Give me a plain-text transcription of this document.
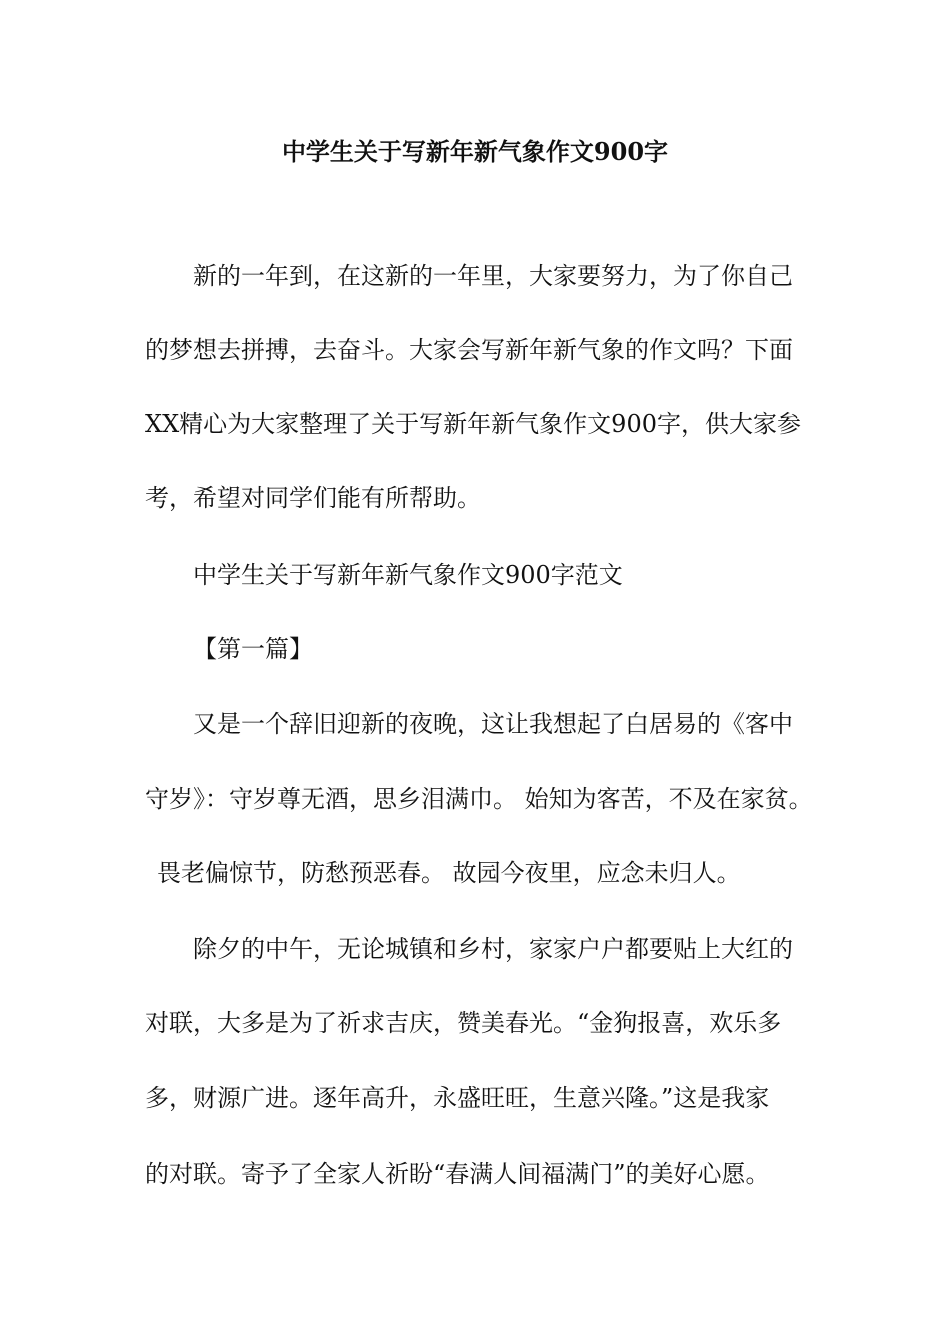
中学生关于写新年新气象作文900字
新的一年到，在这新的一年里，大家要努力，为了你自己
的梦想去拼搏，去奋斗。大家会写新年新气象的作文吗？下面
XX精心为大家整理了关于写新年新气象作文900字，供大家参
考，希望对同学们能有所帮助。
中学生关于写新年新气象作文900字范文
【第一篇】
又是一个辞旧迎新的夜晚，这让我想起了白居易的《客中
守岁》：守岁尊无酒，思乡泪满巾。 始知为客苦，不及在家贫。
畏老偏惊节，防愁预恶春。 故园今夜里，应念未归人。
除夕的中午，无论城镇和乡村，家家户户都要贴上大红的
对联，大多是为了祈求吉庆，赞美春光。“金狗报喜，欢乐多
多，财源广进。逐年高升，永盛旺旺，生意兴隆。”这是我家
的对联。寄予了全家人祈盼“春满人间福满门”的美好心愿。
